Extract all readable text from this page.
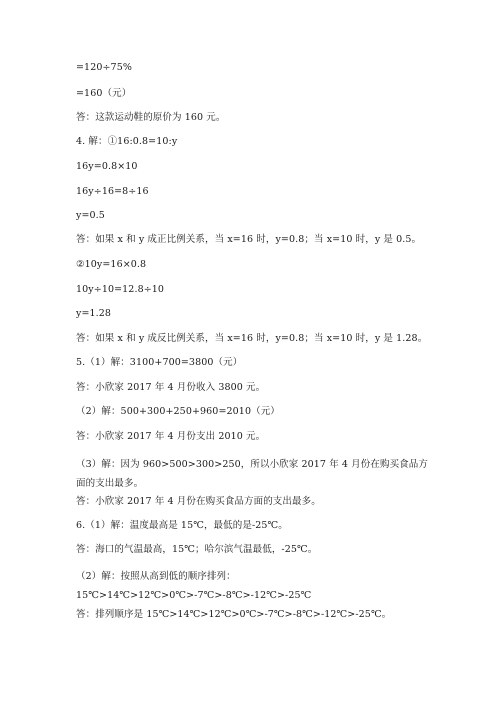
=120÷75%
=160（元）
答：这款运动鞋的原价为 160 元。
4. 解：①16:0.8=10:y
16y=0.8×10
16y÷16=8÷16
y=0.5
答：如果 x 和 y 成正比例关系，当 x=16 时，y=0.8；当 x=10 时，y 是 0.5。
②10y=16×0.8
10y÷10=12.8÷10
y=1.28
答：如果 x 和 y 成反比例关系，当 x=16 时，y=0.8；当 x=10 时，y 是 1.28。
5.（1）解：3100+700=3800（元）
答：小欣家 2017 年 4 月份收入 3800 元。
（2）解：500+300+250+960=2010（元）
答：小欣家 2017 年 4 月份支出 2010 元。
（3）解：因为 960>500>300>250，所以小欣家 2017 年 4 月份在购买食品方面的支出最多。
答：小欣家 2017 年 4 月份在购买食品方面的支出最多。
6.（1）解：温度最高是 15℃，最低的是-25℃。
答：海口的气温最高，15℃；哈尔滨气温最低，-25℃。
（2）解：按照从高到低的顺序排列：15℃>14℃>12℃>0℃>-7℃>-8℃>-12℃>-25℃
答：排列顺序是 15℃>14℃>12℃>0℃>-7℃>-8℃>-12℃>-25℃。
